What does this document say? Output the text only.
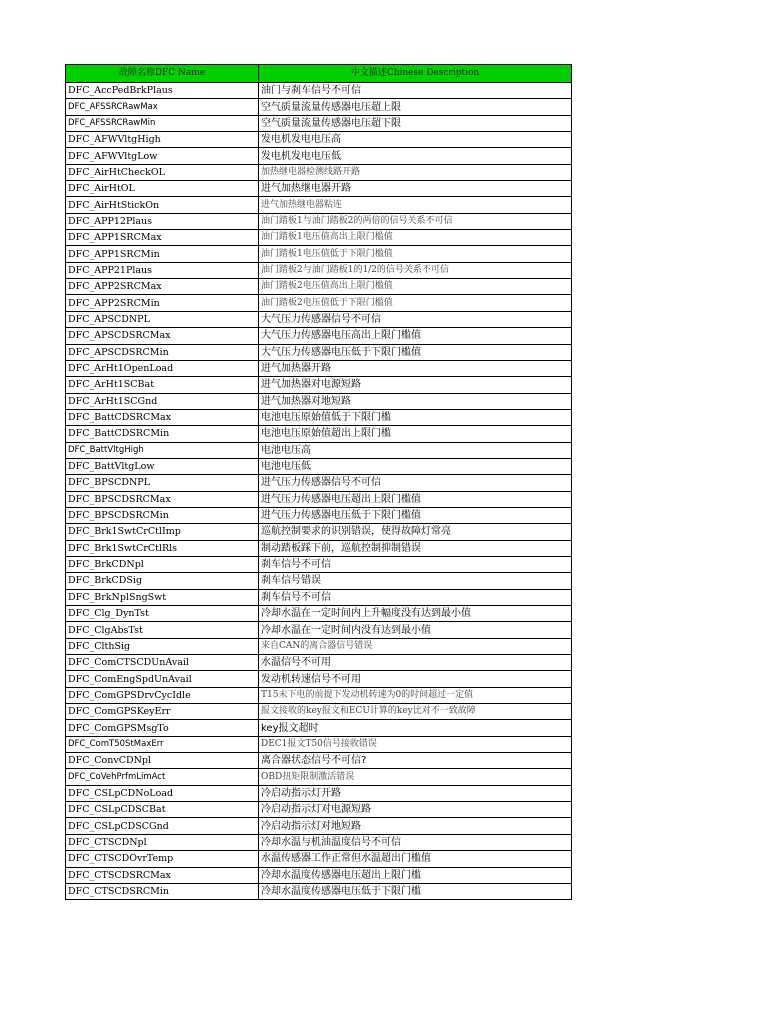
故障名称DFC Name	中文描述Chinese Description
DFC_AccPedBrkPlaus	油门与刹车信号不可信
DFC_AFSSRCRawMax	空气质量流量传感器电压超上限
DFC_AFSSRCRawMin	空气质量流量传感器电压超下限
DFC_AFWVltgHigh	发电机发电电压高
DFC_AFWVltgLow	发电机发电电压低
DFC_AirHtCheckOL	加热继电器检测线路开路
DFC_AirHtOL	进气加热继电器开路
DFC_AirHtStickOn	进气加热继电器粘连
DFC_APP12Plaus	油门踏板1与油门踏板2的两倍的信号关系不可信
DFC_APP1SRCMax	油门踏板1电压值高出上限门槛值
DFC_APP1SRCMin	油门踏板1电压值低于下限门槛值
DFC_APP21Plaus	油门踏板2与油门踏板1的1/2的信号关系不可信
DFC_APP2SRCMax	油门踏板2电压值高出上限门槛值
DFC_APP2SRCMin	油门踏板2电压值低于下限门槛值
DFC_APSCDNPL	大气压力传感器信号不可信
DFC_APSCDSRCMax	大气压力传感器电压高出上限门槛值
DFC_APSCDSRCMin	大气压力传感器电压低于下限门槛值
DFC_ArHt1OpenLoad	进气加热器开路
DFC_ArHt1SCBat	进气加热器对电源短路
DFC_ArHt1SCGnd	进气加热器对地短路
DFC_BattCDSRCMax	电池电压原始值低于下限门槛
DFC_BattCDSRCMin	电池电压原始值超出上限门槛
DFC_BattVltgHigh	电池电压高
DFC_BattVltgLow	电池电压低
DFC_BPSCDNPL	进气压力传感器信号不可信
DFC_BPSCDSRCMax	进气压力传感器电压超出上限门槛值
DFC_BPSCDSRCMin	进气压力传感器电压低于下限门槛值
DFC_Brk1SwtCrCtlImp	巡航控制要求的识别错误，使得故障灯常亮
DFC_Brk1SwtCrCtlRls	制动踏板踩下前，巡航控制抑制错误
DFC_BrkCDNpl	刹车信号不可信
DFC_BrkCDSig	刹车信号错误
DFC_BrkNplSngSwt	刹车信号不可信
DFC_Clg_DynTst	冷却水温在一定时间内上升幅度没有达到最小值
DFC_ClgAbsTst	冷却水温在一定时间内没有达到最小值
DFC_ClthSig	来自CAN的离合器信号错误
DFC_ComCTSCDUnAvail	水温信号不可用
DFC_ComEngSpdUnAvail	发动机转速信号不可用
DFC_ComGPSDrvCycIdle	T15未下电的前提下发动机转速为0的时间超过一定值
DFC_ComGPSKeyErr	报文接收的key报文和ECU计算的key比对不一致故障
DFC_ComGPSMsgTo	key报文超时
DFC_ComT50StMaxErr	DEC1报文T50信号接收错误
DFC_ConvCDNpl	离合器状态信号不可信?
DFC_CoVehPrfmLimAct	OBD扭矩限制激活错误
DFC_CSLpCDNoLoad	冷启动指示灯开路
DFC_CSLpCDSCBat	冷启动指示灯对电源短路
DFC_CSLpCDSCGnd	冷启动指示灯对地短路
DFC_CTSCDNpl	冷却水温与机油温度信号不可信
DFC_CTSCDOvrTemp	水温传感器工作正常但水温超出门槛值
DFC_CTSCDSRCMax	冷却水温度传感器电压超出上限门槛
DFC_CTSCDSRCMin	冷却水温度传感器电压低于下限门槛
